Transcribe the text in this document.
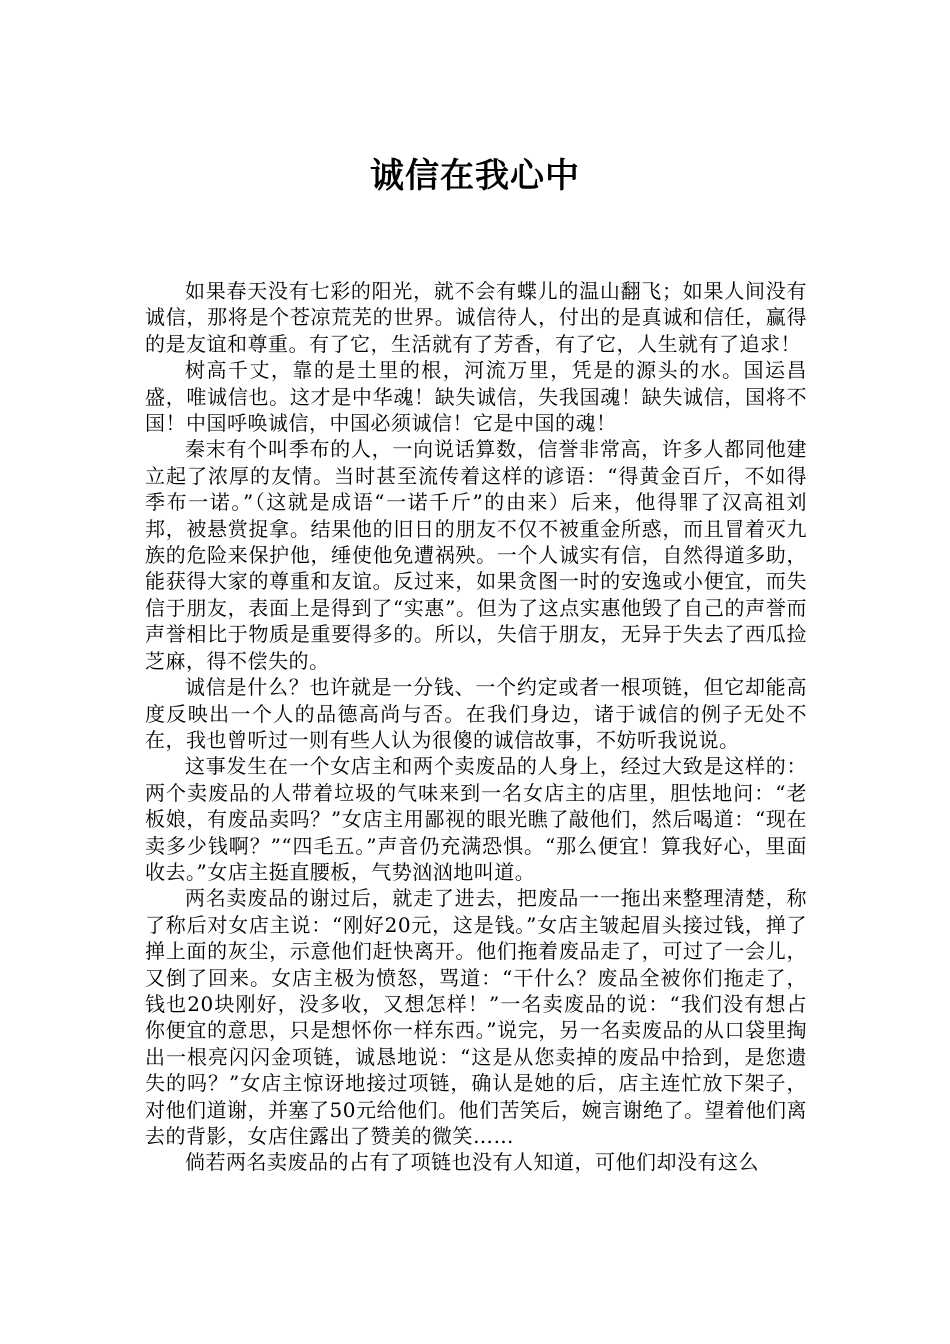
诚信在我心中

如果春天没有七彩的阳光，就不会有蝶儿的温山翻飞；如果人间没有诚信，那将是个苍凉荒芜的世界。诚信待人，付出的是真诚和信任，赢得的是友谊和尊重。有了它，生活就有了芳香，有了它，人生就有了追求！

树高千丈，靠的是土里的根，河流万里，凭是的源头的水。国运昌盛，唯诚信也。这才是中华魂！缺失诚信，失我国魂！缺失诚信，国将不国！中国呼唤诚信，中国必须诚信！它是中国的魂！

秦末有个叫季布的人，一向说话算数，信誉非常高，许多人都同他建立起了浓厚的友情。当时甚至流传着这样的谚语：“得黄金百斤，不如得季布一诺。”（这就是成语“一诺千斤”的由来）后来，他得罪了汉高祖刘邦，被悬赏捉拿。结果他的旧日的朋友不仅不被重金所惑，而且冒着灭九族的危险来保护他，缍使他免遭祸殃。一个人诚实有信，自然得道多助，能获得大家的尊重和友谊。反过来，如果贪图一时的安逸或小便宜，而失信于朋友，表面上是得到了“实惠”。但为了这点实惠他毁了自己的声誉而声誉相比于物质是重要得多的。所以，失信于朋友，无异于失去了西瓜捡芝麻，得不偿失的。

诚信是什么？也许就是一分钱、一个约定或者一根项链，但它却能高度反映出一个人的品德高尚与否。在我们身边，诸于诚信的例子无处不在，我也曾听过一则有些人认为很傻的诚信故事，不妨听我说说。

这事发生在一个女店主和两个卖废品的人身上，经过大致是这样的：两个卖废品的人带着垃圾的气味来到一名女店主的店里，胆怯地问：“老板娘，有废品卖吗？”女店主用鄙视的眼光瞧了敲他们，然后喝道：“现在卖多少钱啊？”“四毛五。”声音仍充满恐惧。“那么便宜！算我好心，里面收去。”女店主挺直腰板，气势汹汹地叫道。

两名卖废品的谢过后，就走了进去，把废品一一拖出来整理清楚，称了称后对女店主说：“刚好20元，这是钱。”女店主皱起眉头接过钱，掸了掸上面的灰尘，示意他们赶快离开。他们拖着废品走了，可过了一会儿，又倒了回来。女店主极为愤怒，骂道：“干什么？废品全被你们拖走了，钱也20块刚好，没多收，又想怎样！”一名卖废品的说：“我们没有想占你便宜的意思，只是想怀你一样东西。”说完，另一名卖废品的从口袋里掏出一根亮闪闪金项链，诚恳地说：“这是从您卖掉的废品中拾到，是您遗失的吗？”女店主惊讶地接过项链，确认是她的后，店主连忙放下架子，对他们道谢，并塞了50元给他们。他们苦笑后，婉言谢绝了。望着他们离去的背影，女店住露出了赞美的微笑……

倘若两名卖废品的占有了项链也没有人知道，可他们却没有这么
